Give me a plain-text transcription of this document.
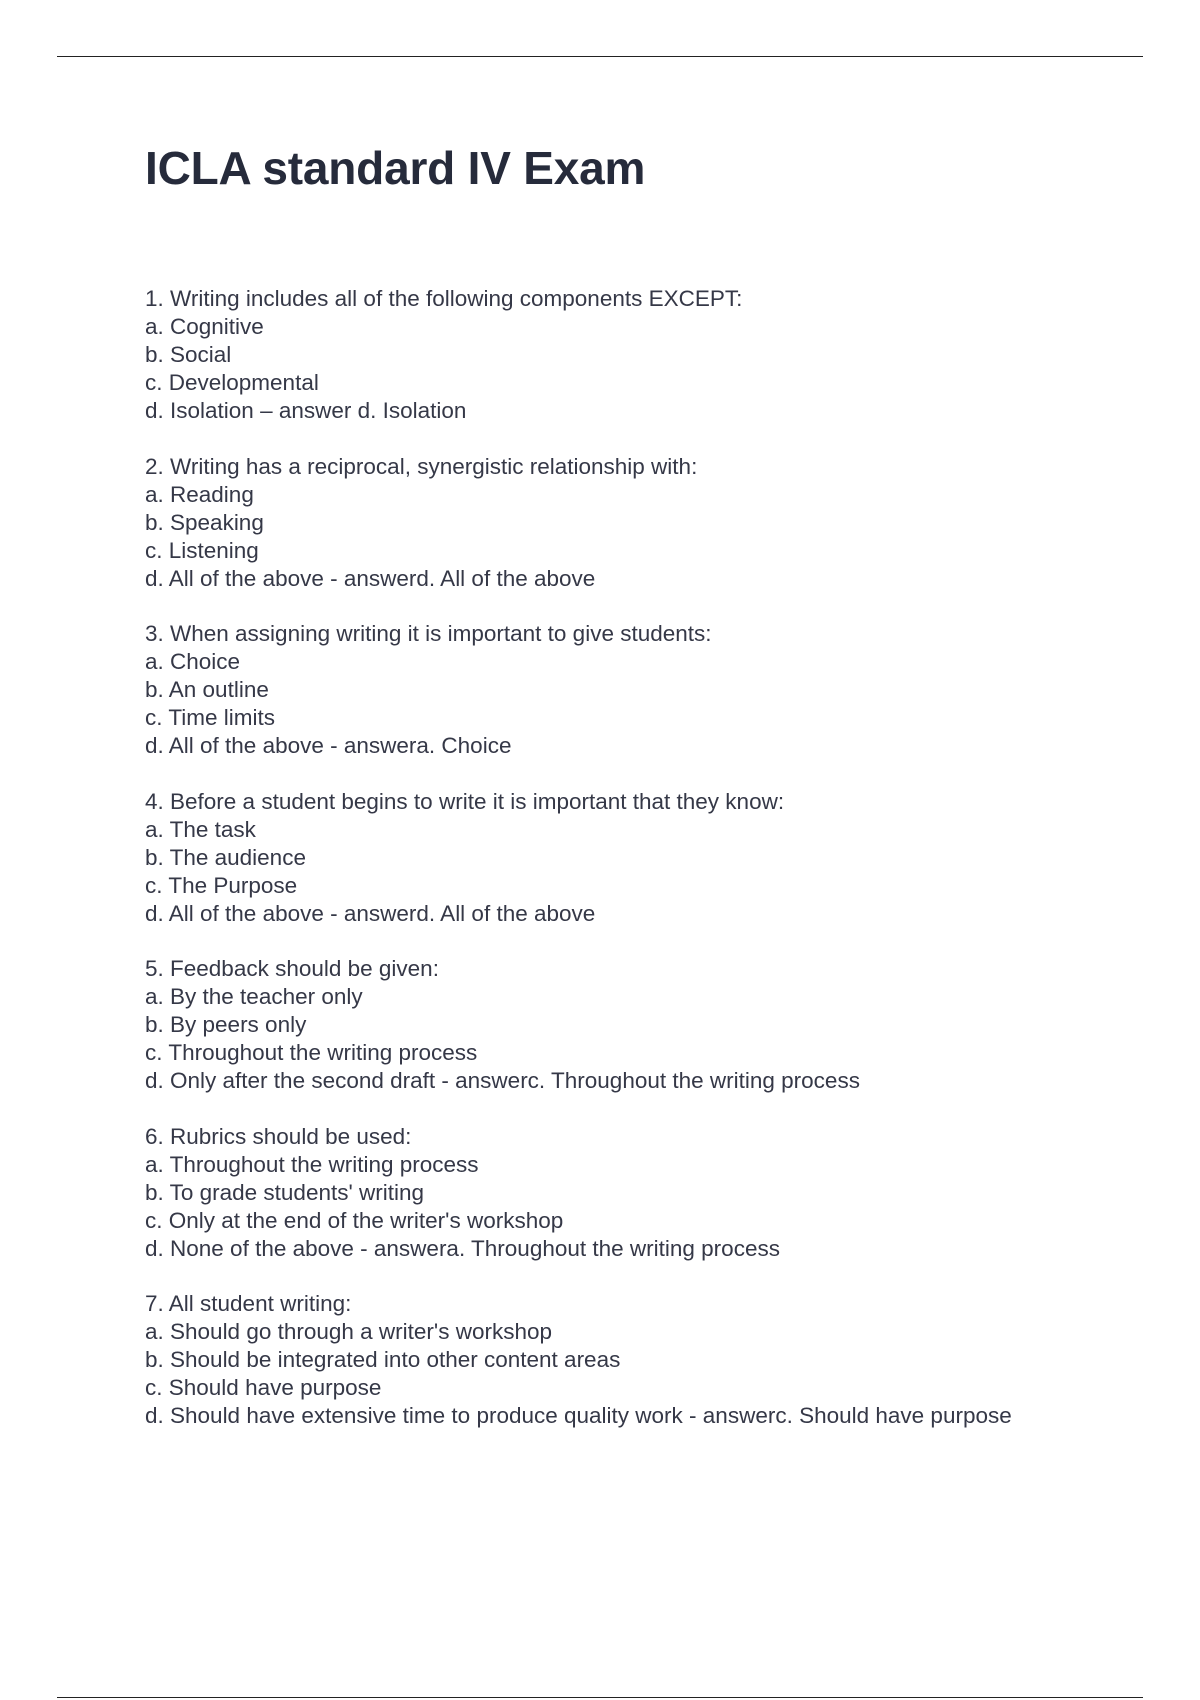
ICLA standard IV Exam
1. Writing includes all of the following components EXCEPT:
a. Cognitive
b. Social
c. Developmental
d. Isolation – answer d. Isolation
2. Writing has a reciprocal, synergistic relationship with:
a. Reading
b. Speaking
c. Listening
d. All of the above - answerd. All of the above
3. When assigning writing it is important to give students:
a. Choice
b. An outline
c. Time limits
d. All of the above - answera. Choice
4. Before a student begins to write it is important that they know:
a. The task
b. The audience
c. The Purpose
d. All of the above - answerd. All of the above
5. Feedback should be given:
a. By the teacher only
b. By peers only
c. Throughout the writing process
d. Only after the second draft - answerc. Throughout the writing process
6. Rubrics should be used:
a. Throughout the writing process
b. To grade students' writing
c. Only at the end of the writer's workshop
d. None of the above - answera. Throughout the writing process
7. All student writing:
a. Should go through a writer's workshop
b. Should be integrated into other content areas
c. Should have purpose
d. Should have extensive time to produce quality work - answerc. Should have purpose
